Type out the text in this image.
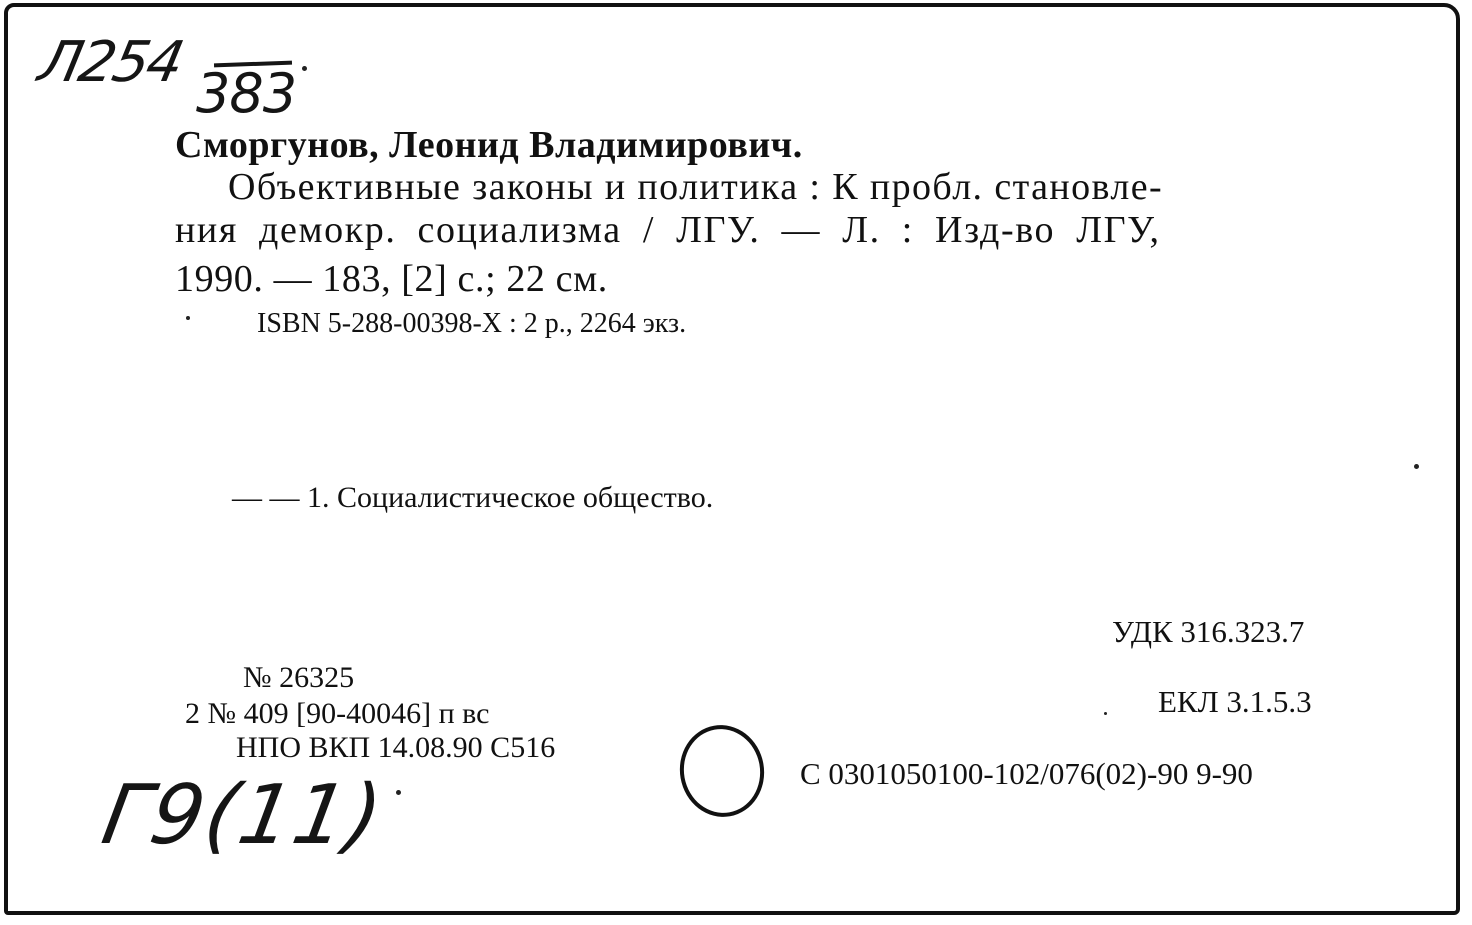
Л254 383
Сморгунов, Леонид Владимирович.
Объективные законы и политика : К пробл. становле-
ния демокр. социализма / ЛГУ. — Л. : Изд-во ЛГУ,
1990. — 183, [2] с.; 22 см.
ISBN 5-288-00398-X : 2 р., 2264 экз.
— — 1. Социалистическое общество.
УДК 316.323.7
ЕКЛ 3.1.5.3
№ 26325
2 № 409 [90-40046] п вс
НПО ВКП 14.08.90 С516
С 0301050100-102/076(02)-90 9-90
Г9(11)
